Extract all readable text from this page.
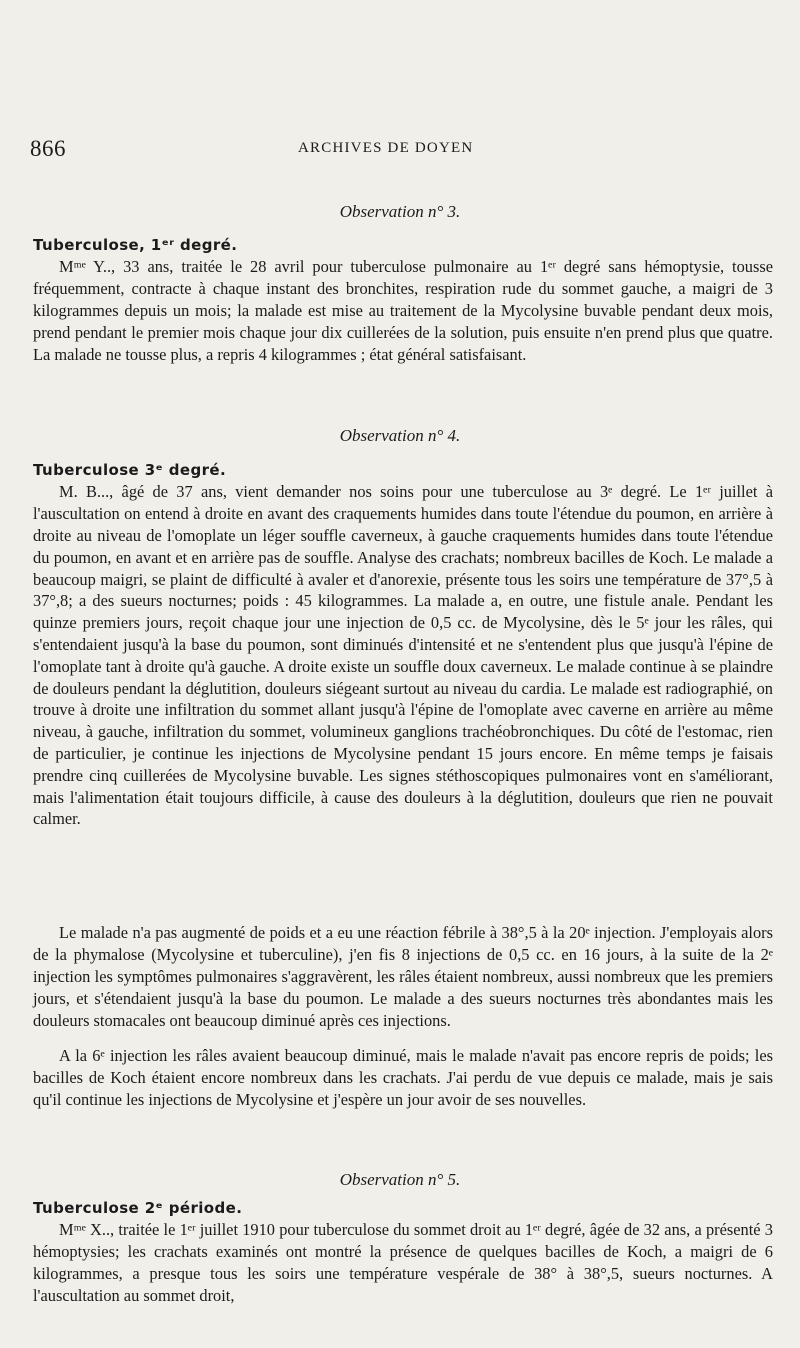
866	ARCHIVES DE DOYEN
Observation n° 3.
Tuberculose, 1ᵉʳ degré.

Mᵐᵉ Y.., 33 ans, traitée le 28 avril pour tuberculose pulmonaire au 1ᵉʳ degré sans hémoptysie, tousse fréquemment, contracte à chaque instant des bronchites, respiration rude du sommet gauche, a maigri de 3 kilogrammes depuis un mois; la malade est mise au traitement de la Mycolysine buvable pendant deux mois, prend pendant le premier mois chaque jour dix cuillerées de la solution, puis ensuite n'en prend plus que quatre. La malade ne tousse plus, a repris 4 kilogrammes ; état général satisfaisant.

Observation n° 4.
Tuberculose 3ᵉ degré.

M. B..., âgé de 37 ans, vient demander nos soins pour une tuberculose au 3ᵉ degré. Le 1ᵉʳ juillet à l'auscultation on entend à droite en avant des craquements humides dans toute l'étendue du poumon, en arrière à droite au niveau de l'omoplate un léger souffle caverneux, à gauche craquements humides dans toute l'étendue du poumon, en avant et en arrière pas de souffle. Analyse des crachats; nombreux bacilles de Koch. Le malade a beaucoup maigri, se plaint de difficulté à avaler et d'anorexie, présente tous les soirs une température de 37°,5 à 37°,8; a des sueurs nocturnes; poids : 45 kilogrammes. La malade a, en outre, une fistule anale. Pendant les quinze premiers jours, reçoit chaque jour une injection de 0,5 cc. de Mycolysine, dès le 5ᵉ jour les râles, qui s'entendaient jusqu'à la base du poumon, sont diminués d'intensité et ne s'entendent plus que jusqu'à l'épine de l'omoplate tant à droite qu'à gauche. A droite existe un souffle doux caverneux. Le malade continue à se plaindre de douleurs pendant la déglutition, douleurs siégeant surtout au niveau du cardia. Le malade est radiographié, on trouve à droite une infiltration du sommet allant jusqu'à l'épine de l'omoplate avec caverne en arrière au même niveau, à gauche, infiltration du sommet, volumineux ganglions trachéobronchiques. Du côté de l'estomac, rien de particulier, je continue les injections de Mycolysine pendant 15 jours encore. En même temps je faisais prendre cinq cuillerées de Mycolysine buvable. Les signes stéthoscopiques pulmonaires vont en s'améliorant, mais l'alimentation était toujours difficile, à cause des douleurs à la déglutition, douleurs que rien ne pouvait calmer.

Le malade n'a pas augmenté de poids et a eu une réaction fébrile à 38°,5 à la 20ᵉ injection. J'employais alors de la phymalose (Mycolysine et tuberculine), j'en fis 8 injections de 0,5 cc. en 16 jours, à la suite de la 2ᵉ injection les symptômes pulmonaires s'aggravèrent, les râles étaient nombreux, aussi nombreux que les premiers jours, et s'étendaient jusqu'à la base du poumon. Le malade a des sueurs nocturnes très abondantes mais les douleurs stomacales ont beaucoup diminué après ces injections.

A la 6ᵉ injection les râles avaient beaucoup diminué, mais le malade n'avait pas encore repris de poids; les bacilles de Koch étaient encore nombreux dans les crachats. J'ai perdu de vue depuis ce malade, mais je sais qu'il continue les injections de Mycolysine et j'espère un jour avoir de ses nouvelles.

Observation n° 5.
Tuberculose 2ᵉ période.

Mᵐᵉ X.., traitée le 1ᵉʳ juillet 1910 pour tuberculose du sommet droit au 1ᵉʳ degré, âgée de 32 ans, a présenté 3 hémoptysies; les crachats examinés ont montré la présence de quelques bacilles de Koch, a maigri de 6 kilogrammes, a presque tous les soirs une température vespérale de 38° à 38°,5, sueurs nocturnes. A l'auscultation au sommet droit,
